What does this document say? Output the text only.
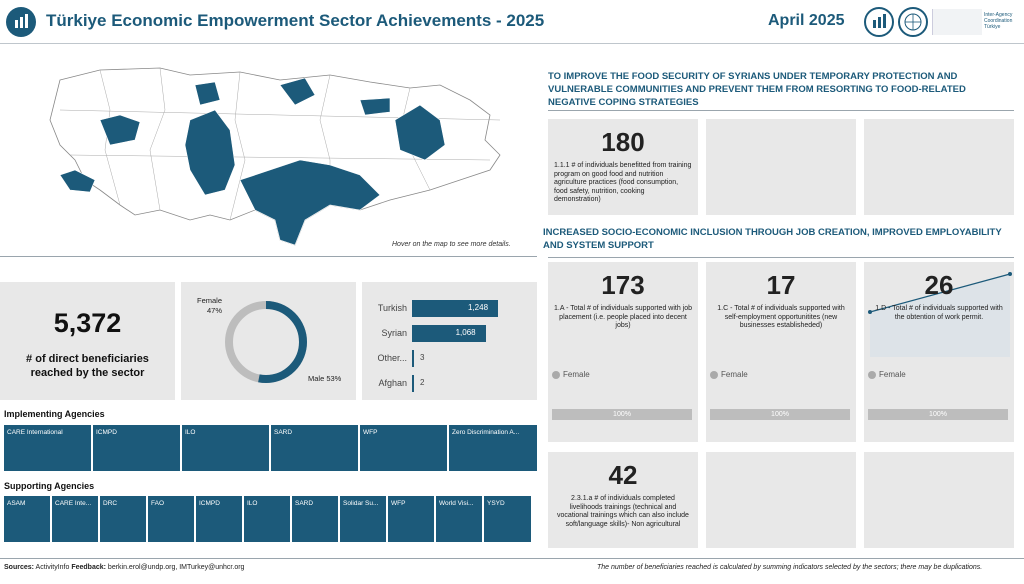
Türkiye Economic Empowerment Sector Achievements - 2025	April 2025	Inter-Agency
Coordination
Türkiye
Hover on the map to see more details.
TO IMPROVE THE FOOD SECURITY OF SYRIANS UNDER TEMPORARY PROTECTION AND VULNERABLE COMMUNITIES AND PREVENT THEM FROM RESORTING TO FOOD-RELATED NEGATIVE COPING STRATEGIES
180
1.1.1 # of individuals benefitted from training program on good food and nutrition agriculture practices (food consumption, food safety, nutrition, cooking demonstration)
INCREASED SOCIO-ECONOMIC INCLUSION THROUGH JOB CREATION, IMPROVED EMPLOYABILITY AND SYSTEM SUPPORT
173
1.A - Total # of individuals supported with job placement (i.e. people placed into decent jobs)
Female
100%
17
1.C - Total # of individuals supported with self-employment opportunitites (new businesses establisheded)
Female
100%
26
1.D - Total # of individuals supported with the obtention of work permit.
Female
100%
42
2.3.1.a # of individuals completed livelihoods trainings (technical and vocational trainings which can also include soft/language skills)- Non agricultural
5,372
# of direct beneficiaries
reached by the sector
Female
47%
Male 53%
Turkish	1,248
Syrian	1,068
Other... 3
Afghan 2
Implementing Agencies
CARE International	ICMPD	ILO	SARD	WFP	Zero Discrimination A...
Supporting Agencies
ASAM	CARE Inte...	DRC	FAO	ICMPD	ILO	SARD	Solidar Su...	WFP	World Visi...	YSYD
Sources: ActivityInfo Feedback: berkin.erol@undp.org, IMTurkey@unhcr.org	The number of beneficiaries reached is calculated by summing indicators selected by the sectors; there may be duplications.
